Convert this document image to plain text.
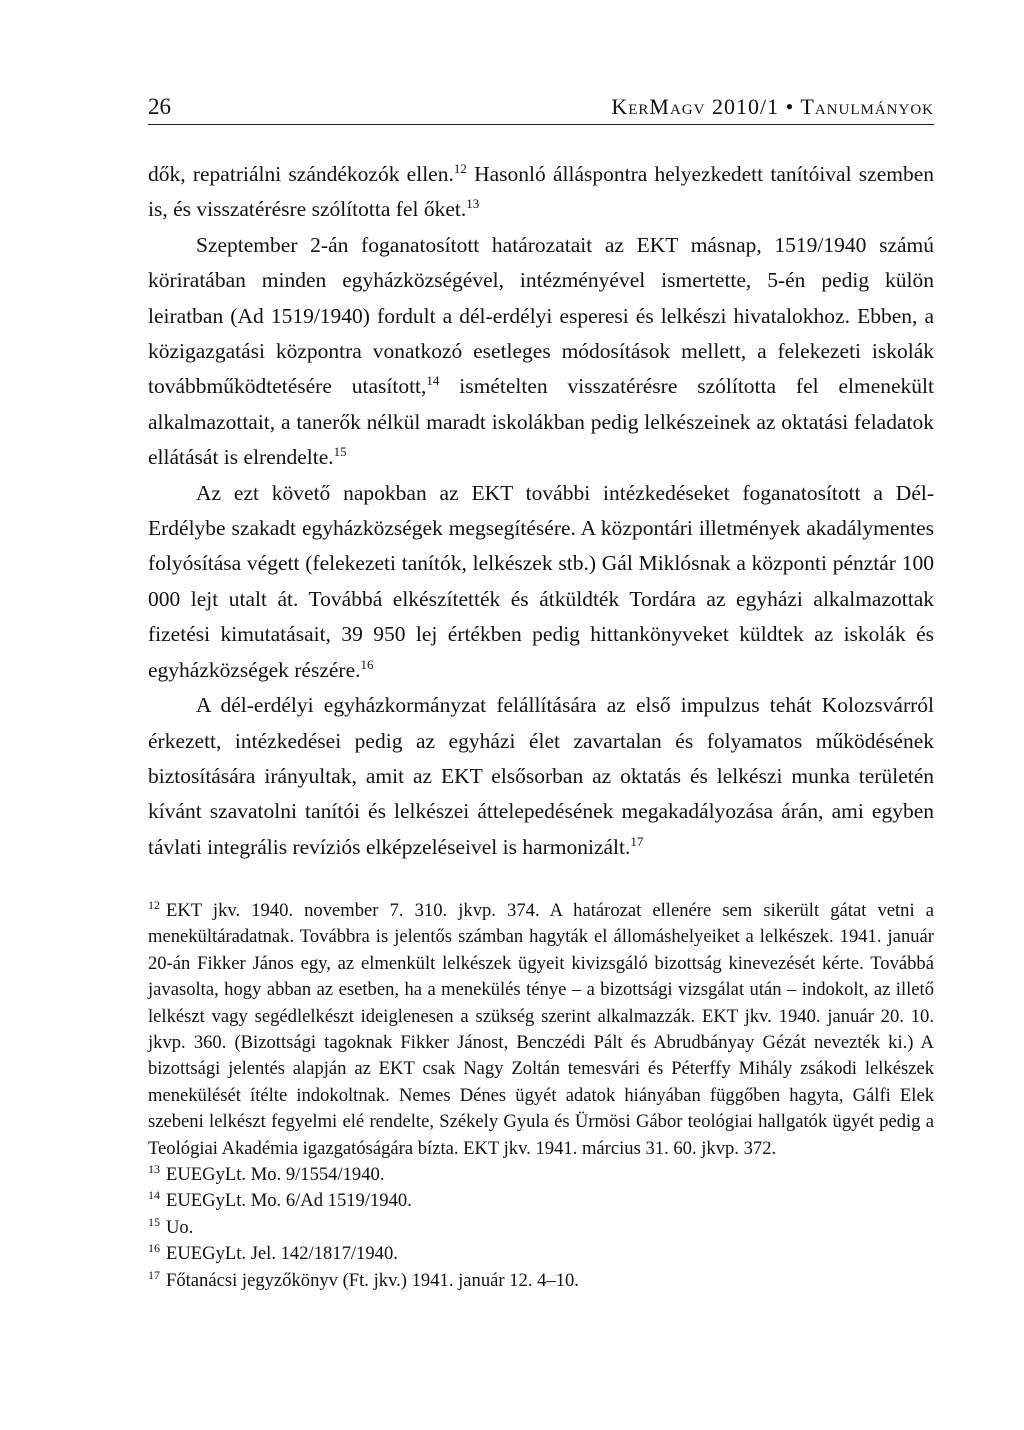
26	KerMagv 2010/1 • Tanulmányok

dők, repatriálni szándékozók ellen.$^{12}$ Hasonló álláspontra helyezkedett tanítóival szemben is, és visszatérésre szólította fel őket.$^{13}$

Szeptember 2-án foganatosított határozatait az EKT másnap, 1519/1940 számú köriratában minden egyházközségével, intézményével ismertette, 5-én pedig külön leiratban (Ad 1519/1940) fordult a dél-erdélyi esperesi és lelkészi hivatalokhoz. Ebben, a közigazgatási központra vonatkozó esetleges módosítások mellett, a felekezeti iskolák továbbműködtetésére utasított,$^{14}$ ismételten visszatérésre szólította fel elmenekült alkalmazottait, a tanerők nélkül maradt iskolákban pedig lelkészeinek az oktatási feladatok ellátását is elrendelte.$^{15}$

Az ezt követő napokban az EKT további intézkedéseket foganatosított a Dél-Erdélybe szakadt egyházközségek megsegítésére. A központári illetmények akadálymentes folyósítása végett (felekezeti tanítók, lelkészek stb.) Gál Miklósnak a központi pénztár 100 000 lejt utalt át. Továbbá elkészítették és átküldték Tordára az egyházi alkalmazottak fizetési kimutatásait, 39 950 lej értékben pedig hittankönyveket küldtek az iskolák és egyházközségek részére.$^{16}$

A dél-erdélyi egyházkormányzat felállítására az első impulzus tehát Kolozsvárról érkezett, intézkedései pedig az egyházi élet zavartalan és folyamatos működésének biztosítására irányultak, amit az EKT elsősorban az oktatás és lelkészi munka területén kívánt szavatolni tanítói és lelkészei áttelepedésének megakadályozása árán, ami egyben távlati integrális revíziós elképzeléseivel is harmonizált.$^{17}$

$^{12}$ EKT jkv. 1940. november 7. 310. jkvp. 374. A határozat ellenére sem sikerült gátat vetni a menekültáradatnak. Továbbra is jelentős számban hagyták el állomáshelyeiket a lelkészek. 1941. január 20-án Fikker János egy, az elmenkült lelkészek ügyeit kivizsgáló bizottság kinevezését kérte. Továbbá javasolta, hogy abban az esetben, ha a menekülés ténye – a bizottsági vizsgálat után – indokolt, az illető lelkészt vagy segédlelkészt ideiglenesen a szükség szerint alkalmazzák. EKT jkv. 1940. január 20. 10. jkvp. 360. (Bizottsági tagoknak Fikker Jánost, Benczédi Pált és Abrudbányay Gézát nevezték ki.) A bizottsági jelentés alapján az EKT csak Nagy Zoltán temesvári és Péterffy Mihály zsákodi lelkészek menekülését ítélte indokoltnak. Nemes Dénes ügyét adatok hiányában függőben hagyta, Gálfi Elek szebeni lelkészt fegyelmi elé rendelte, Székely Gyula és Ürmösi Gábor teológiai hallgatók ügyét pedig a Teológiai Akadémia igazgatóságára bízta. EKT jkv. 1941. március 31. 60. jkvp. 372.

$^{13}$ EUEGyLt. Mo. 9/1554/1940.

$^{14}$ EUEGyLt. Mo. 6/Ad 1519/1940.

$^{15}$ Uo.

$^{16}$ EUEGyLt. Jel. 142/1817/1940.

$^{17}$ Főtanácsi jegyzőkönyv (Ft. jkv.) 1941. január 12. 4–10.
